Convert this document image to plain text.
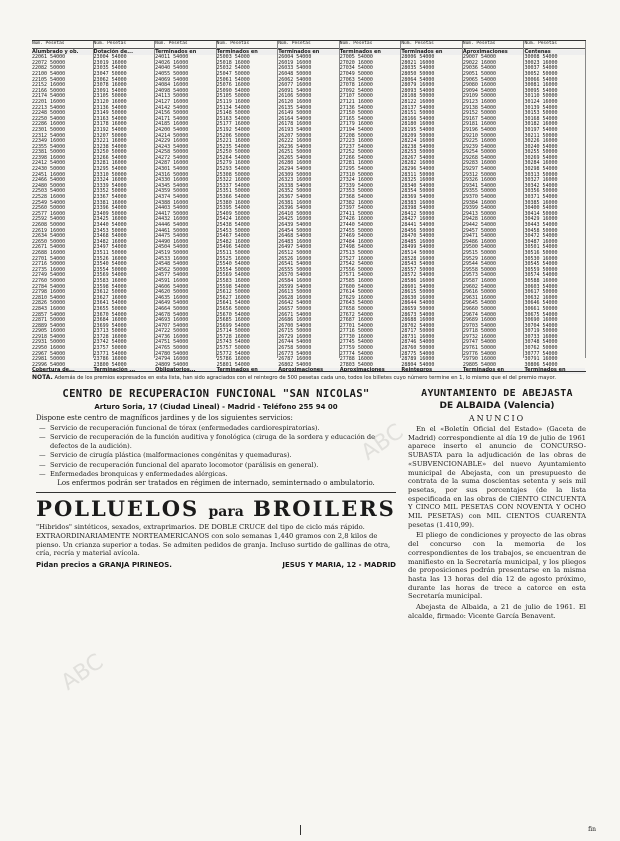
Núm. Pesetas
Alumbrado y ob.
22061 54000
22072 50000
22082 50000
22100 54000
22105 54000
22152 16000
22166 50000
22174 54000
22201 16000
22213 54000
22248 50000
22250 54000
22286 16000
22301 50000
22312 54000
22349 16000
22355 54000
22381 50000
22398 16000
22412 54000
22430 50000
22451 16000
22466 54000
22480 50000
22503 54000
22528 16000
22549 54000
22560 50000
22577 16000
22592 54000
22608 50000
22619 16000
22634 54000
22650 50000
22671 54000
22688 16000
22701 54000
22716 50000
22735 16000
22749 54000
22760 50000
22784 54000
22798 16000
22810 54000
22826 50000
22843 16000
22857 54000
22871 50000
22889 54000
22905 16000
22918 54000
22931 50000
22950 16000
22967 54000
22981 50000
22996 54000
Cobertura de...
Núm. Pesetas
Dotación de...
23004 54000
23019 16000
23035 54000
23047 50000
23062 54000
23078 16000
23091 54000
23105 50000
23120 16000
23136 54000
23149 50000
23163 54000
23178 16000
23192 54000
23207 50000
23221 16000
23238 54000
23250 50000
23266 54000
23281 16000
23295 54000
23310 50000
23324 16000
23339 54000
23352 50000
23367 54000
23381 16000
23396 54000
23409 50000
23425 16000
23440 54000
23453 50000
23468 54000
23482 16000
23497 54000
23511 50000
23526 16000
23540 54000
23554 50000
23569 54000
23583 16000
23598 54000
23612 50000
23627 16000
23641 54000
23655 50000
23670 54000
23684 16000
23699 54000
23713 50000
23728 16000
23742 54000
23757 50000
23771 54000
23786 16000
23800 54000
Terminación ...
Núm. Pesetas
Terminados en
24011 54000
24026 16000
24040 54000
24055 50000
24069 54000
24084 16000
24098 54000
24113 50000
24127 16000
24142 54000
24156 50000
24171 54000
24185 16000
24200 54000
24214 50000
24229 16000
24243 54000
24258 50000
24272 54000
24287 16000
24301 54000
24316 50000
24330 16000
24345 54000
24359 50000
24374 54000
24388 16000
24403 54000
24417 50000
24432 16000
24446 54000
24461 50000
24475 54000
24490 16000
24504 54000
24519 50000
24533 16000
24548 54000
24562 50000
24577 54000
24591 16000
24606 54000
24620 50000
24635 16000
24649 54000
24664 50000
24678 54000
24693 16000
24707 54000
24722 50000
24736 16000
24751 54000
24765 50000
24780 54000
24794 16000
24809 54000
Obligatorios...
Núm. Pesetas
Terminados en
25003 54000
25018 16000
25032 54000
25047 50000
25061 54000
25076 16000
25090 54000
25105 50000
25119 16000
25134 54000
25148 50000
25163 54000
25177 16000
25192 54000
25206 50000
25221 16000
25235 54000
25250 50000
25264 54000
25279 16000
25293 54000
25308 50000
25322 16000
25337 54000
25351 50000
25366 54000
25380 16000
25395 54000
25409 50000
25424 16000
25438 54000
25453 50000
25467 54000
25482 16000
25496 54000
25511 50000
25525 16000
25540 54000
25554 50000
25569 54000
25583 16000
25598 54000
25612 50000
25627 16000
25641 54000
25656 50000
25670 54000
25685 16000
25699 54000
25714 50000
25728 16000
25743 54000
25757 50000
25772 54000
25786 16000
25801 54000
Terminados en
Núm. Pesetas
Terminados en
26004 54000
26019 16000
26033 54000
26048 50000
26062 54000
26077 16000
26091 54000
26106 50000
26120 16000
26135 54000
26149 50000
26164 54000
26178 16000
26193 54000
26207 50000
26222 16000
26236 54000
26251 50000
26265 54000
26280 16000
26294 54000
26309 50000
26323 16000
26338 54000
26352 50000
26367 54000
26381 16000
26396 54000
26410 50000
26425 16000
26439 54000
26454 50000
26468 54000
26483 16000
26497 54000
26512 50000
26526 16000
26541 54000
26555 50000
26570 54000
26584 16000
26599 54000
26613 50000
26628 16000
26642 54000
26657 50000
26671 54000
26686 16000
26700 54000
26715 50000
26729 16000
26744 54000
26758 50000
26773 54000
26787 16000
26802 54000
Aproximaciones
Núm. Pesetas
Terminados en
27005 54000
27020 16000
27034 54000
27049 50000
27063 54000
27078 16000
27092 54000
27107 50000
27121 16000
27136 54000
27150 50000
27165 54000
27179 16000
27194 54000
27208 50000
27223 16000
27237 54000
27252 50000
27266 54000
27281 16000
27295 54000
27310 50000
27324 16000
27339 54000
27353 50000
27368 54000
27382 16000
27397 54000
27411 50000
27426 16000
27440 54000
27455 50000
27469 54000
27484 16000
27498 54000
27513 50000
27527 16000
27542 54000
27556 50000
27571 54000
27585 16000
27600 54000
27614 50000
27629 16000
27643 54000
27658 50000
27672 54000
27687 16000
27701 54000
27716 50000
27730 16000
27745 54000
27759 50000
27774 54000
27788 16000
27803 54000
Aproximaciones
Núm. Pesetas
Terminados en
28006 54000
28021 16000
28035 54000
28050 50000
28064 54000
28079 16000
28093 54000
28108 50000
28122 16000
28137 54000
28151 50000
28166 54000
28180 16000
28195 54000
28209 50000
28224 16000
28238 54000
28253 50000
28267 54000
28282 16000
28296 54000
28311 50000
28325 16000
28340 54000
28354 50000
28369 54000
28383 16000
28398 54000
28412 50000
28427 16000
28441 54000
28456 50000
28470 54000
28485 16000
28499 54000
28514 50000
28528 16000
28543 54000
28557 50000
28572 54000
28586 16000
28601 54000
28615 50000
28630 16000
28644 54000
28659 50000
28673 54000
28688 16000
28702 54000
28717 50000
28731 16000
28746 54000
28760 50000
28775 54000
28789 16000
28804 54000
Reintegros
Núm. Pesetas
Aproximaciones
29007 54000
29022 16000
29036 54000
29051 50000
29065 54000
29080 16000
29094 54000
29109 50000
29123 16000
29138 54000
29152 50000
29167 54000
29181 16000
29196 54000
29210 50000
29225 16000
29239 54000
29254 50000
29268 54000
29283 16000
29297 54000
29312 50000
29326 16000
29341 54000
29355 50000
29370 54000
29384 16000
29399 54000
29413 50000
29428 16000
29442 54000
29457 50000
29471 54000
29486 16000
29500 54000
29515 50000
29529 16000
29544 54000
29558 50000
29573 54000
29587 16000
29602 54000
29616 50000
29631 16000
29645 54000
29660 50000
29674 54000
29689 16000
29703 54000
29718 50000
29732 16000
29747 54000
29761 50000
29776 54000
29790 16000
29805 54000
Terminados en
Núm. Pesetas
Centenas
30008 54000
30023 16000
30037 54000
30052 50000
30066 54000
30081 16000
30095 54000
30110 50000
30124 16000
30139 54000
30153 50000
30168 54000
30182 16000
30197 54000
30211 50000
30226 16000
30240 54000
30255 50000
30269 54000
30284 16000
30298 54000
30313 50000
30327 16000
30342 54000
30356 50000
30371 54000
30385 16000
30400 54000
30414 50000
30429 16000
30443 54000
30458 50000
30472 54000
30487 16000
30501 54000
30516 50000
30530 16000
30545 54000
30559 50000
30574 54000
30588 16000
30603 54000
30617 50000
30632 16000
30646 54000
30661 50000
30675 54000
30690 16000
30704 54000
30719 50000
30733 16000
30748 54000
30762 50000
30777 54000
30791 16000
30806 54000
Terminados en
NOTA. Además de los premios expresados en esta lista, han sido agraciados con el reintegro de 500 pesetas cada uno, todos los billetes cuyo número termine en 1, lo mismo que el del premio mayor.
CENTRO DE RECUPERACION FUNCIONAL "SAN NICOLAS"
Arturo Soria, 17 (Ciudad Lineal) - Madrid - Teléfono 255 94 00
Dispone este centro de magníficos jardines y de los siguientes servicios:
— Servicio de recuperación funcional de tórax (enfermedades cardiorespiratorias).
— Servicio de recuperación de la función auditiva y fonológica (ciruga de la sordera y educación de defectos de la audición).
— Servicio de cirugía plástica (malformaciones congénitas y quemaduras).
— Servicio de recuperación funcional del aparato locomotor (parálisis en general).
— Enfermedades bronquicas y enfermedades alérgicas.
Los enfermos podrán ser tratados en régimen de internado, seminternado o ambulatorio.
POLLUELOS para BROILERS
"Hibridos" sintéticos, sexados, extraprimarios. DE DOBLE CRUCE del tipo de ciclo más rápido. EXTRAORDINARIAMENTE NORTEAMERICANOS con solo semanas 1,440 gramos con 2,8 kilos de pienso. Un crianza superior a todas. Se admiten pedidos de granja. Incluso surtido de gallinas de otra, cría, recría y material avícola.
Pidan precios a GRANJA PIRINEOS.	JESUS Y MARIA, 12 - MADRID
AYUNTAMIENTO DE ABEJASTA
DE ALBAIDA (Valencia)
ANUNCIO

En el «Boletín Oficial del Estado» (Gaceta de Madrid) correspondiente al día 19 de julio de 1961 aparece inserto el anuncio de CONCURSO-SUBASTA para la adjudicación de las obras de «SUBVENCIONABLE» del nuevo Ayuntamiento municipal de Abejasta, con un presupuesto de contrata de la suma doscientas setenta y seis mil pesetas, por sus porcentajes (de la lista especificada en las obras de CIENTO CINCUENTA Y CINCO MIL PESETAS CON NOVENTA Y OCHO MIL PESETAS) con MIL CIENTOS CUARENTA pesetas (1.410,99).

El pliego de condiciones y proyecto de las obras del concurso con la memoria de los correspondientes de los trabajos, se encuentran de manifiesto en la Secretaría municipal, y los pliegos de proposiciones podrán presentarse en la misma hasta las 13 horas del día 12 de agosto próximo, durante las horas de trece a catorce en esta Secretaría municipal.

Abejasta de Albaida, a 21 de julio de 1961. El alcalde, firmado: Vicente García Benavent.

ABC
ABC
fin
